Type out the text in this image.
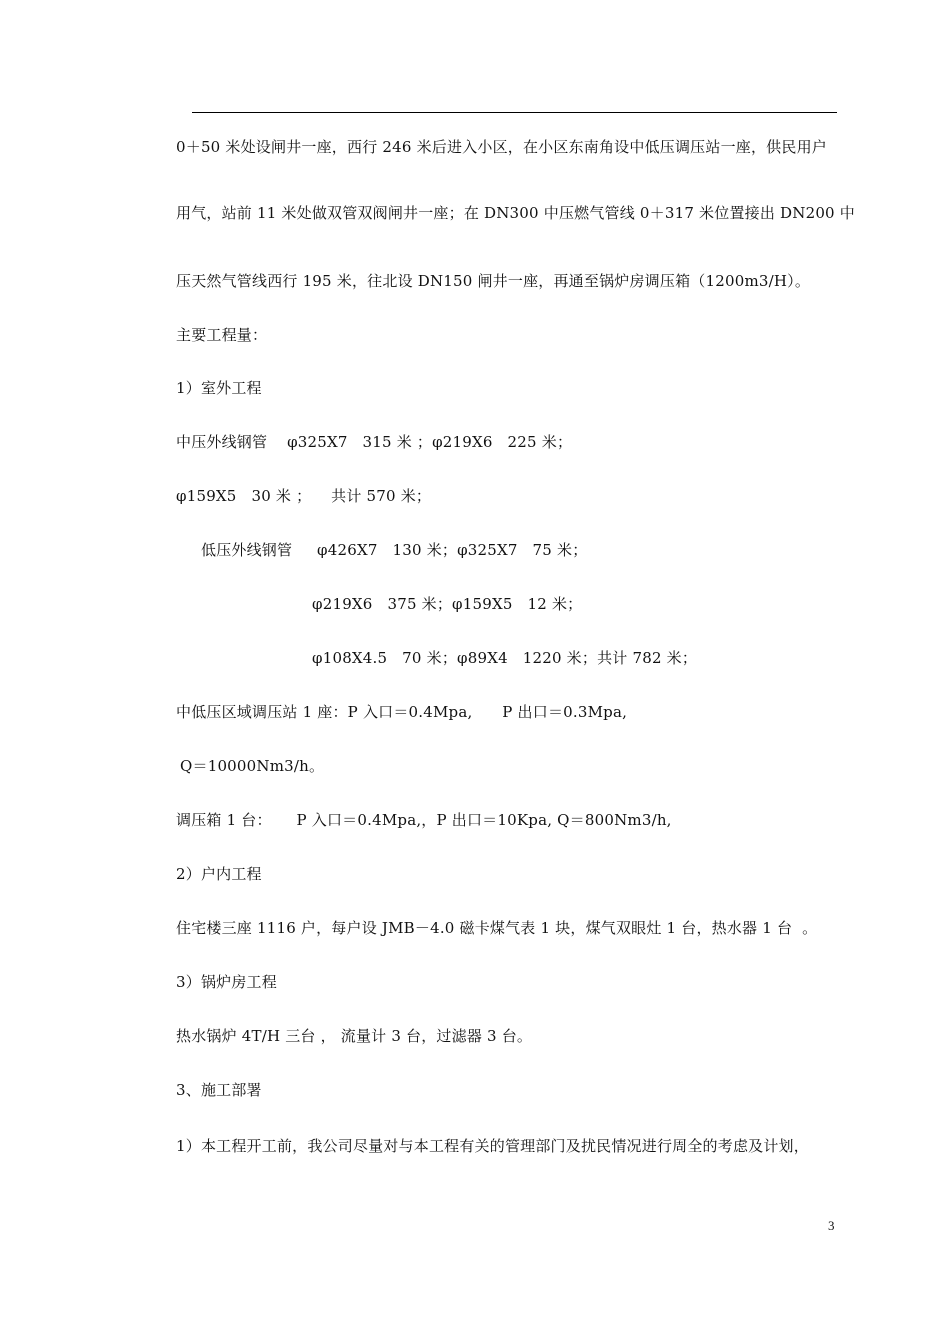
0＋50 米处设闸井一座，西行 246 米后进入小区，在小区东南角设中低压调压站一座，供民用户
用气，站前 11 米处做双管双阀闸井一座；在 DN300 中压燃气管线 0＋317 米位置接出 DN200 中
压天然气管线西行 195 米，往北设 DN150 闸井一座，再通至锅炉房调压箱（1200m3/H）。
主要工程量：
1）室外工程
中压外线钢管    φ325X7   315 米 ；φ219X6   225 米；
φ159X5   30 米 ；    共计 570 米；
低压外线钢管     φ426X7   130 米；φ325X7   75 米；
φ219X6   375 米；φ159X5   12 米；
φ108X4.5   70 米；φ89X4   1220 米；共计 782 米；
中低压区域调压站 1 座：P 入口＝0.4Mpa,      P 出口＝0.3Mpa,
Q＝10000Nm3/h。
调压箱 1 台：     P 入口＝0.4Mpa,，P 出口＝10Kpa, Q＝800Nm3/h,
2）户内工程
住宅楼三座 1116 户，每户设 JMB－4.0 磁卡煤气表 1 块，煤气双眼灶 1 台，热水器 1 台  。
3）锅炉房工程
热水锅炉 4T/H 三台 ， 流量计 3 台，过滤器 3 台。
3、施工部署
1）本工程开工前，我公司尽量对与本工程有关的管理部门及扰民情况进行周全的考虑及计划，
3
